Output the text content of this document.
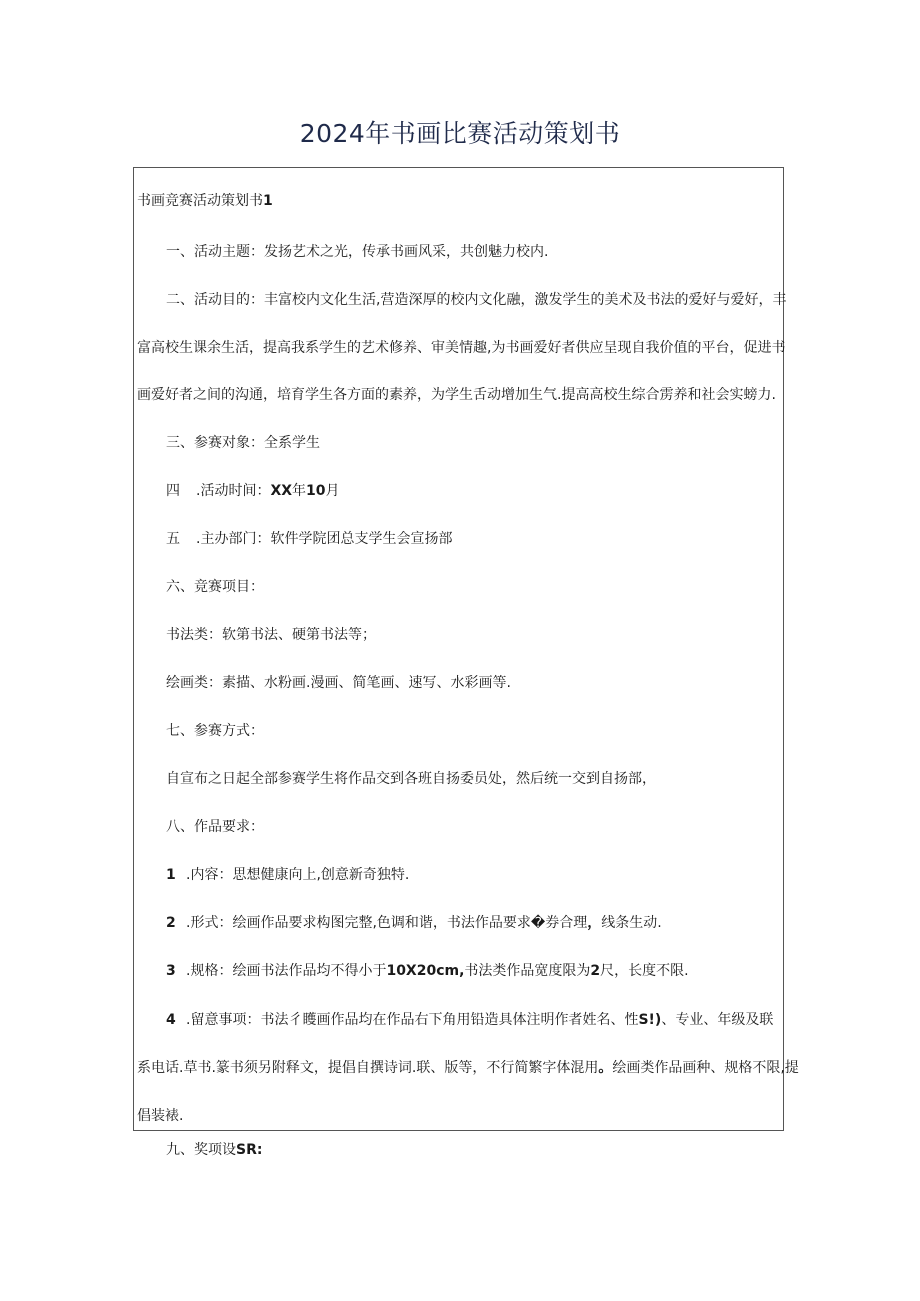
2024年书画比赛活动策划书
书画竞赛活动策划书1
一、活动主题：发扬艺术之光，传承书画风采，共创魅力校内.
二、活动目的：丰富校内文化生活,营造深厚的校内文化融，激发学生的美术及书法的爱好与爱好，丰
富高校生课余生活，提高我系学生的艺术修养、审美情趣,为书画爱好者供应呈现自我价值的平台，促进书
画爱好者之间的沟通，培育学生各方面的素养，为学生舌动增加生气.提高高校生综合雳养和社会实螃力.
三、参赛对象：全系学生
四 .活动时间：XX年10月
五 .主办部门：软件学院团总支学生会宣扬部
六、竞赛项目：
书法类：软第书法、硬第书法等；
绘画类：素描、水粉画.漫画、简笔画、速写、水彩画等.
七、参赛方式：
自宣布之日起全部参赛学生将作品交到各班自扬委员处，然后统一交到自扬部，
八、作品要求：
1 .内容：思想健康向上,创意新奇独特.
2 .形式：绘画作品要求构图完整,色调和谐，书法作品要求�券合理，线条生动.
3 .规格：绘画书法作品均不得小于10X20cm,书法类作品宽度限为2尺，长度不限.
4 .留意事项：书法彳矆画作品均在作品右下角用铅造具体注明作者姓名、性S!)、专业、年级及联
系电话.草书.篆书须另附释文，提倡自撰诗词.联、版等，不行简繁字体混用。绘画类作品画种、规格不限,提
倡装裱.
九、奖项设SR:
